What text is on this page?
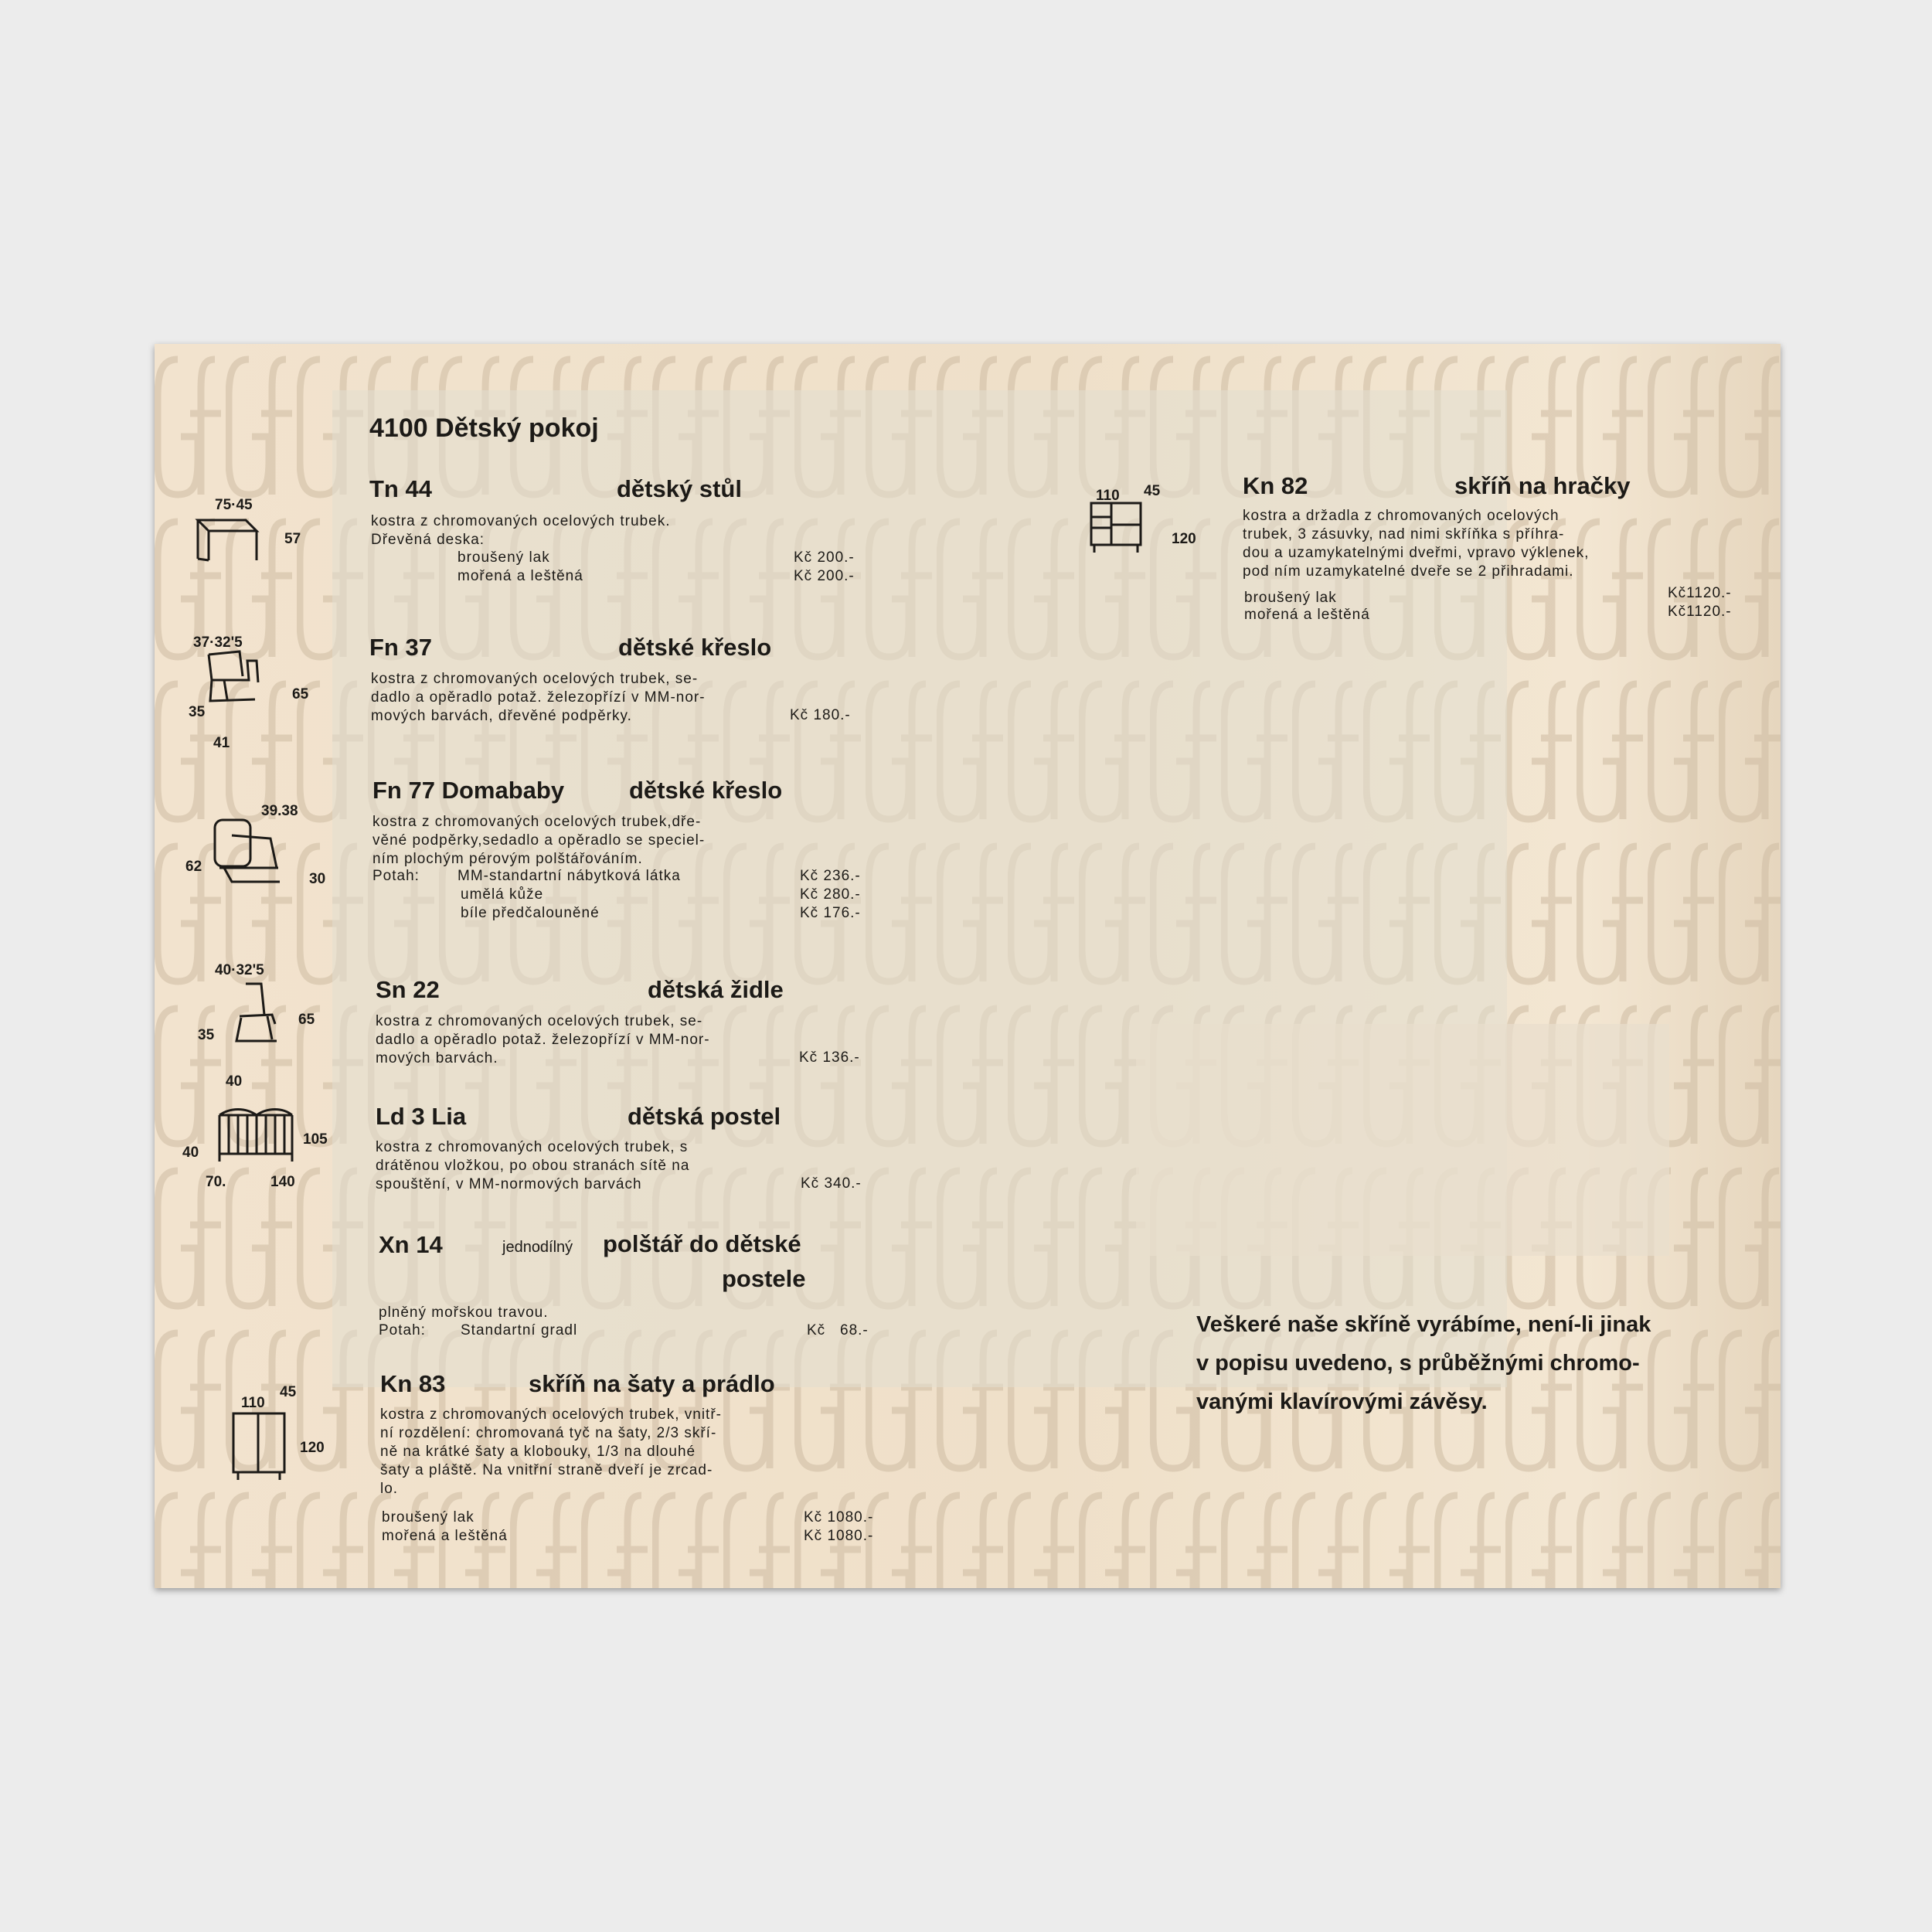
4100 Dětský pokoj
75·45
57
Tn 44	dětský stůl
kostra z chromovaných ocelových trubek.
Dřevěná deska:
broušený lak	Kč 200.-
mořená a leštěná	Kč 200.-
37·32'5
65
35
41
Fn 37	dětské křeslo
kostra z chromovaných ocelových trubek, se-
dadlo a opěradlo potaž. železopřízí v MM-nor-
mových barvách, dřevěné podpěrky.	Kč 180.-
39.38
62
30
Fn 77 Domababy	dětské křeslo
kostra z chromovaných ocelových trubek,dře-
věné podpěrky,sedadlo a opěradlo se speciel-
ním plochým pérovým polštářováním.
Potah:	MM-standartní nábytková látka	Kč 236.-
umělá kůže	Kč 280.-
bíle předčalouněné	Kč 176.-
40·32'5
65
35
40
Sn 22	dětská židle
kostra z chromovaných ocelových trubek, se-
dadlo a opěradlo potaž. železopřízí v MM-nor-
mových barvách.	Kč 136.-
105
40
70.	140
Ld 3 Lia	dětská postel
kostra z chromovaných ocelových trubek, s
drátěnou vložkou, po obou stranách sítě na
spouštění, v MM-normových barvách	Kč 340.-
Xn 14	jednodílný polštář do dětské
postele
plněný mořskou travou.
Potah: Standartní gradl	Kč   68.-
110
45
120
Kn 83	skříň na šaty a prádlo
kostra z chromovaných ocelových trubek, vnitř-
ní rozdělení: chromovaná tyč na šaty, 2/3 skří-
ně na krátké šaty a klobouky, 1/3 na dlouhé
šaty a pláště. Na vnitřní straně dveří je zrcad-
lo.
broušený lak	Kč 1080.-
mořená a leštěná	Kč 1080.-
110 45
120
Kn 82	skříň na hračky
kostra a držadla z chromovaných ocelových
trubek, 3 zásuvky, nad nimi skříňka s příhra-
dou a uzamykatelnými dveřmi, vpravo výklenek,
pod ním uzamykatelné dveře se 2 přihradami.
broušený lak	Kč1120.-
mořená a leštěná	Kč1120.-
Veškeré naše skříně vyrábíme, není-li jinak
v popisu uvedeno, s průběžnými chromo-
vanými klavírovými závěsy.
